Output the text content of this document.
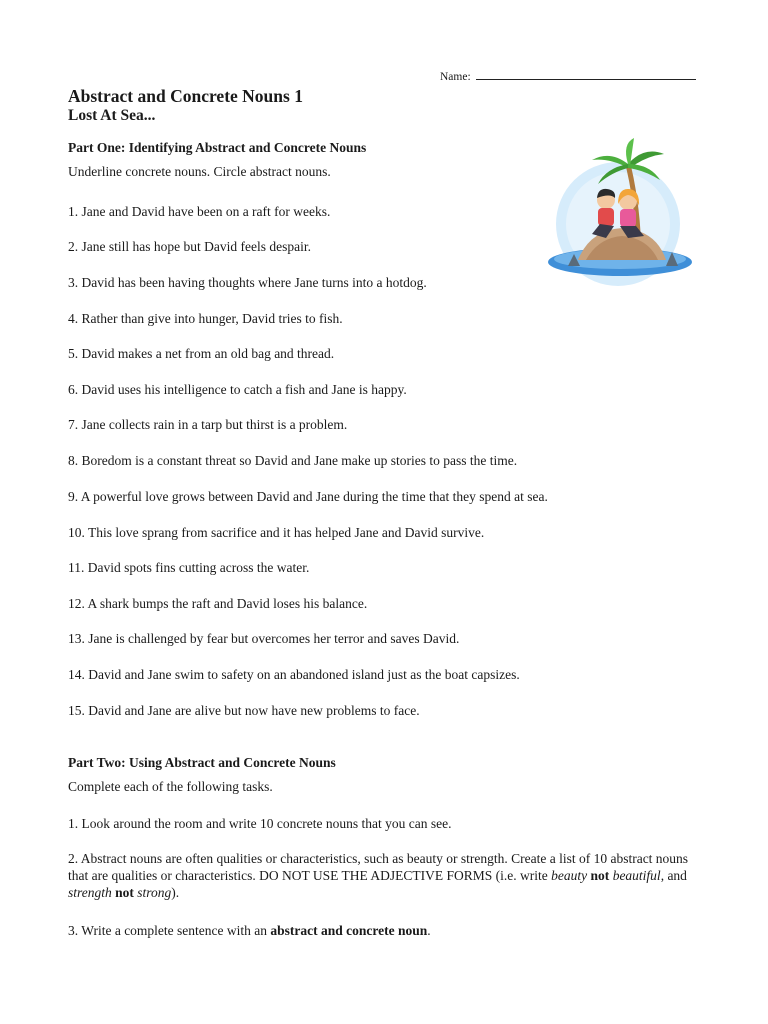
Name:
Abstract and Concrete Nouns 1
Lost At Sea...
Part One: Identifying Abstract and Concrete Nouns

Underline concrete nouns. Circle abstract nouns.

1. Jane and David have been on a raft for weeks.

2. Jane still has hope but David feels despair.

3. David has been having thoughts where Jane turns into a hotdog.

4. Rather than give into hunger, David tries to fish.

5. David makes a net from an old bag and thread.

6. David uses his intelligence to catch a fish and Jane is happy.

7. Jane collects rain in a tarp but thirst is a problem.

8. Boredom is a constant threat so David and Jane make up stories to pass the time.

9. A powerful love grows between David and Jane during the time that they spend at sea.

10. This love sprang from sacrifice and it has helped Jane and David survive.

11. David spots fins cutting across the water.

12. A shark bumps the raft and David loses his balance.

13. Jane is challenged by fear but overcomes her terror and saves David.

14. David and Jane swim to safety on an abandoned island just as the boat capsizes.

15. David and Jane are alive but now have new problems to face.

Part Two: Using Abstract and Concrete Nouns

Complete each of the following tasks.

1. Look around the room and write 10 concrete nouns that you can see.

2. Abstract nouns are often qualities or characteristics, such as beauty or strength. Create a list of 10 abstract nouns that are qualities or characteristics. DO NOT USE THE ADJECTIVE FORMS (i.e. write beauty not beautiful, and strength not strong).

3. Write a complete sentence with an abstract and concrete noun.
